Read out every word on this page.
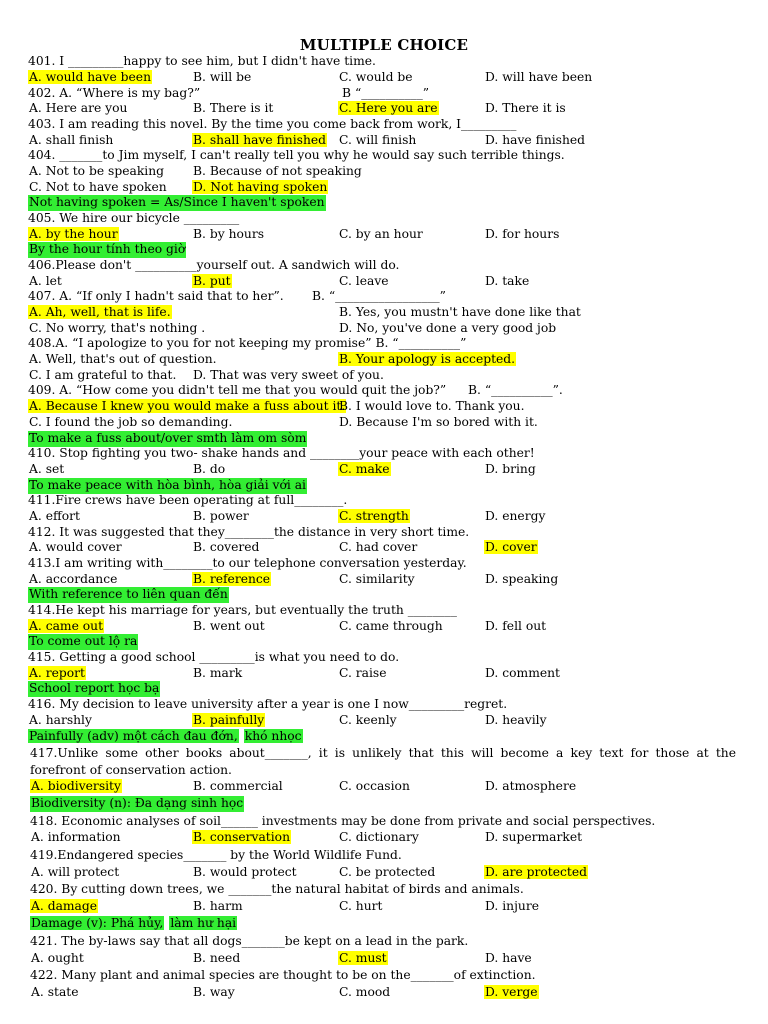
MULTIPLE CHOICE
401. I _________happy to see him, but I didn't have time.
A. would have been	B. will be	C. would be	D. will have been
402. A. “Where is my bag?”	B “__________”
A. Here are you	B. There is it	C. Here you are	D. There it is
403. I am reading this novel. By the time you come back from work, I_________
A. shall finish	B. shall have finished C. will finish	D. have finished
404. _______to Jim myself, I can't really tell you why he would say such terrible things.
A. Not to be speaking B. Because of not speaking
C. Not to have spoken D. Not having spoken
Not having spoken = As/Since I haven't spoken
405. We hire our bicycle _________
A. by the hour	B. by hours	C. by an hour	D. for hours
By the hour tính theo giờ
406.Please don't __________yourself out. A sandwich will do.
A. let	B. put	C. leave	D. take
407. A. “If only I hadn't said that to her”.	B. “_________________”
A. Ah, well, that is life.	B. Yes, you mustn't have done like that
C. No worry, that's nothing .	D. No, you've done a very good job
408.A. “I apologize to you for not keeping my promise” B. “__________”
A. Well, that's out of question.	B. Your apology is accepted.
C. I am grateful to that. D. That was very sweet of you.
409. A. “How come you didn't tell me that you would quit the job?”	B. “__________”.
A. Because I knew you would make a fuss about it.
B. I would love to. Thank you.
C. I found the job so demanding.	D. Because I'm so bored with it.
To make a fuss about/over smth làm om sòm
410. Stop fighting you two- shake hands and ________your peace with each other!
A. set	B. do	C. make	D. bring
To make peace with hòa bình, hòa giải với ai
411.Fire crews have been operating at full________.
A. effort	B. power	C. strength	D. energy
412. It was suggested that they________the distance in very short time.
A. would cover	B. covered	C. had cover	D. cover
413.I am writing with________to our telephone conversation yesterday.
A. accordance	B. reference	C. similarity	D. speaking
With reference to liên quan đến
414.He kept his marriage for years, but eventually the truth ________
A. came out	B. went out	C. came through	D. fell out
To come out lộ ra
415. Getting a good school _________is what you need to do.
A. report	B. mark	C. raise	D. comment
School report học bạ
416. My decision to leave university after a year is one I now_________regret.
A. harshly	B. painfully	C. keenly	D. heavily
Painfully (adv) một cách đau đớn, khó nhọc
417.Unlike some other books about_______, it is unlikely that this will become a key text for those at the forefront of conservation action.
A. biodiversity	B. commercial	C. occasion	D. atmosphere
Biodiversity (n): Đa dạng sinh học
418. Economic analyses of soil______ investments may be done from private and social perspectives.
A. information	B. conservation	C. dictionary	D. supermarket
419.Endangered species_______ by the World Wildlife Fund.
A. will protect	B. would protect	C. be protected	D. are protected
420. By cutting down trees, we _______the natural habitat of birds and animals.
A. damage	B. harm	C. hurt	D. injure
Damage (v): Phá hủy, làm hư hại
421. The by-laws say that all dogs_______be kept on a lead in the park.
A. ought	B. need	C. must	D. have
422. Many plant and animal species are thought to be on the_______of extinction.
A. state	B. way	C. mood	D. verge
